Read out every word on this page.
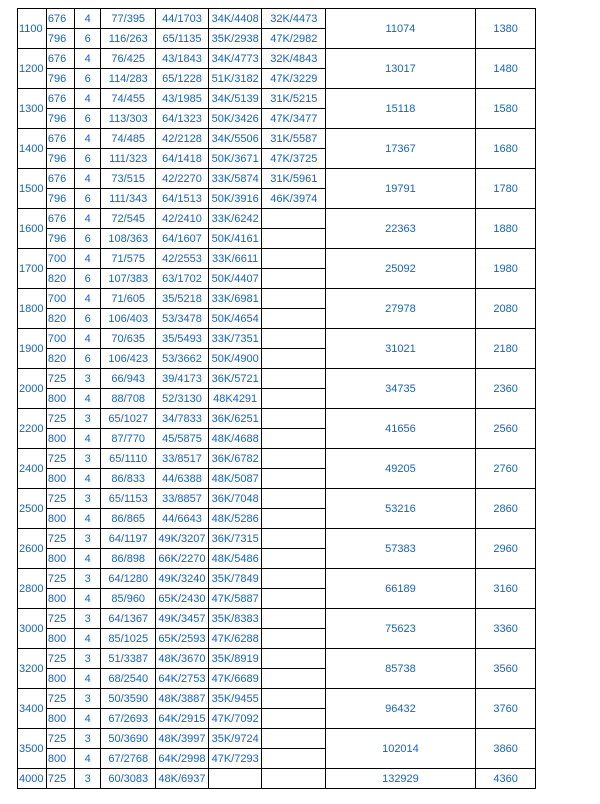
1100	676	4	77/395	44/1703	34K/4408	32K/4473	11074	1380
	796	6	116/263	65/1135	35K/2938	47K/2982		
1200	676	4	76/425	43/1843	34K/4773	32K/4843	13017	1480
	796	6	114/283	65/1228	51K/3182	47K/3229		
1300	676	4	74/455	43/1985	34K/5139	31K/5215	15118	1580
	796	6	113/303	64/1323	50K/3426	47K/3477		
1400	676	4	74/485	42/2128	34K/5506	31K/5587	17367	1680
	796	6	111/323	64/1418	50K/3671	47K/3725		
1500	676	4	73/515	42/2270	33K/5874	31K/5961	19791	1780
	796	6	111/343	64/1513	50K/3916	46K/3974		
1600	676	4	72/545	42/2410	33K/6242		22363	1880
	796	6	108/363	64/1607	50K/4161			
1700	700	4	71/575	42/2553	33K/6611		25092	1980
	820	6	107/383	63/1702	50K/4407			
1800	700	4	71/605	35/5218	33K/6981		27978	2080
	820	6	106/403	53/3478	50K/4654			
1900	700	4	70/635	35/5493	33K/7351		31021	2180
	820	6	106/423	53/3662	50K/4900			
2000	725	3	66/943	39/4173	36K/5721		34735	2360
	800	4	88/708	52/3130	48K4291			
2200	725	3	65/1027	34/7833	36K/6251		41656	2560
	800	4	87/770	45/5875	48K/4688			
2400	725	3	65/1110	33/8517	36K/6782		49205	2760
	800	4	86/833	44/6388	48K/5087			
2500	725	3	65/1153	33/8857	36K/7048		53216	2860
	800	4	86/865	44/6643	48K/5286			
2600	725	3	64/1197	49K/3207	36K/7315		57383	2960
	800	4	86/898	66K/2270	48K/5486			
2800	725	3	64/1280	49K/3240	35K/7849		66189	3160
	800	4	85/960	65K/2430	47K/5887			
3000	725	3	64/1367	49K/3457	35K/8383		75623	3360
	800	4	85/1025	65K/2593	47K/6288			
3200	725	3	51/3387	48K/3670	35K/8919		85738	3560
	800	4	68/2540	64K/2753	47K/6689			
3400	725	3	50/3590	48K/3887	35K/9455		96432	3760
	800	4	67/2693	64K/2915	47K/7092			
3500	725	3	50/3690	48K/3997	35K/9724		102014	3860
	800	4	67/2768	64K/2998	47K/7293			
4000	725	3	60/3083	48K/6937			132929	4360
